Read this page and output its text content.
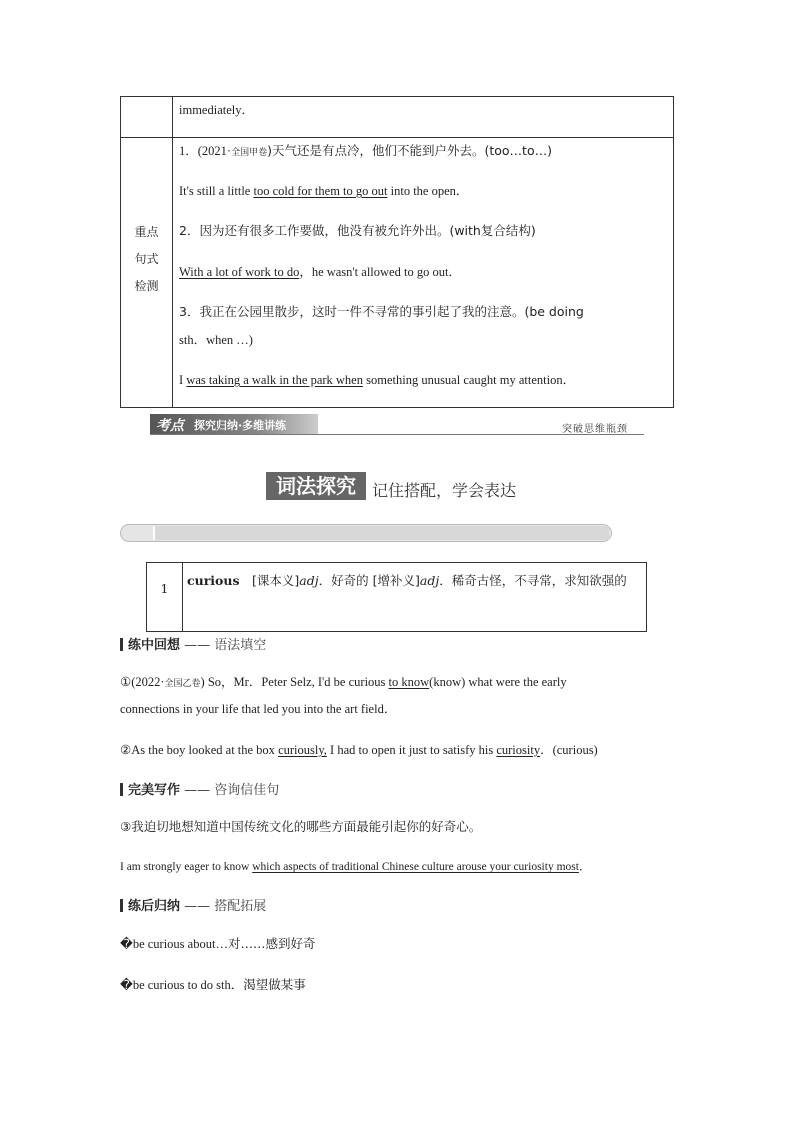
immediately．
重点
句式
检测
1．(2021·全国甲卷)天气还是有点冷，他们不能到户外去。(too…to…)
It's still a little too cold for them to go out into the open．
2．因为还有很多工作要做，他没有被允许外出。(with复合结构)
With a lot of work to do，he wasn't allowed to go out．
3．我正在公园里散步，这时一件不寻常的事引起了我的注意。(be doing
sth．when …)
I was taking a walk in the park when something unusual caught my attention．
考点 探究归纳·多维讲练	突破思维瓶颈
词法探究	记住搭配，学会表达
1
curious　 [课本义]adj．好奇的 [增补义]adj．稀奇古怪，不寻常，求知欲强的
练中回想 —— 语法填空
①(2022·全国乙卷) So，Mr．Peter Selz, I'd be curious to know(know) what were the early
connections in your life that led you into the art field．
②As the boy looked at the box curiously, I had to open it just to satisfy his curiosity．(curious)
完美写作 —— 咨询信佳句
③我迫切地想知道中国传统文化的哪些方面最能引起你的好奇心。
I am strongly eager to know which aspects of traditional Chinese culture arouse your curiosity most．
练后归纳 —— 搭配拓展
�be curious about…对……感到好奇
�be curious to do sth．渴望做某事
